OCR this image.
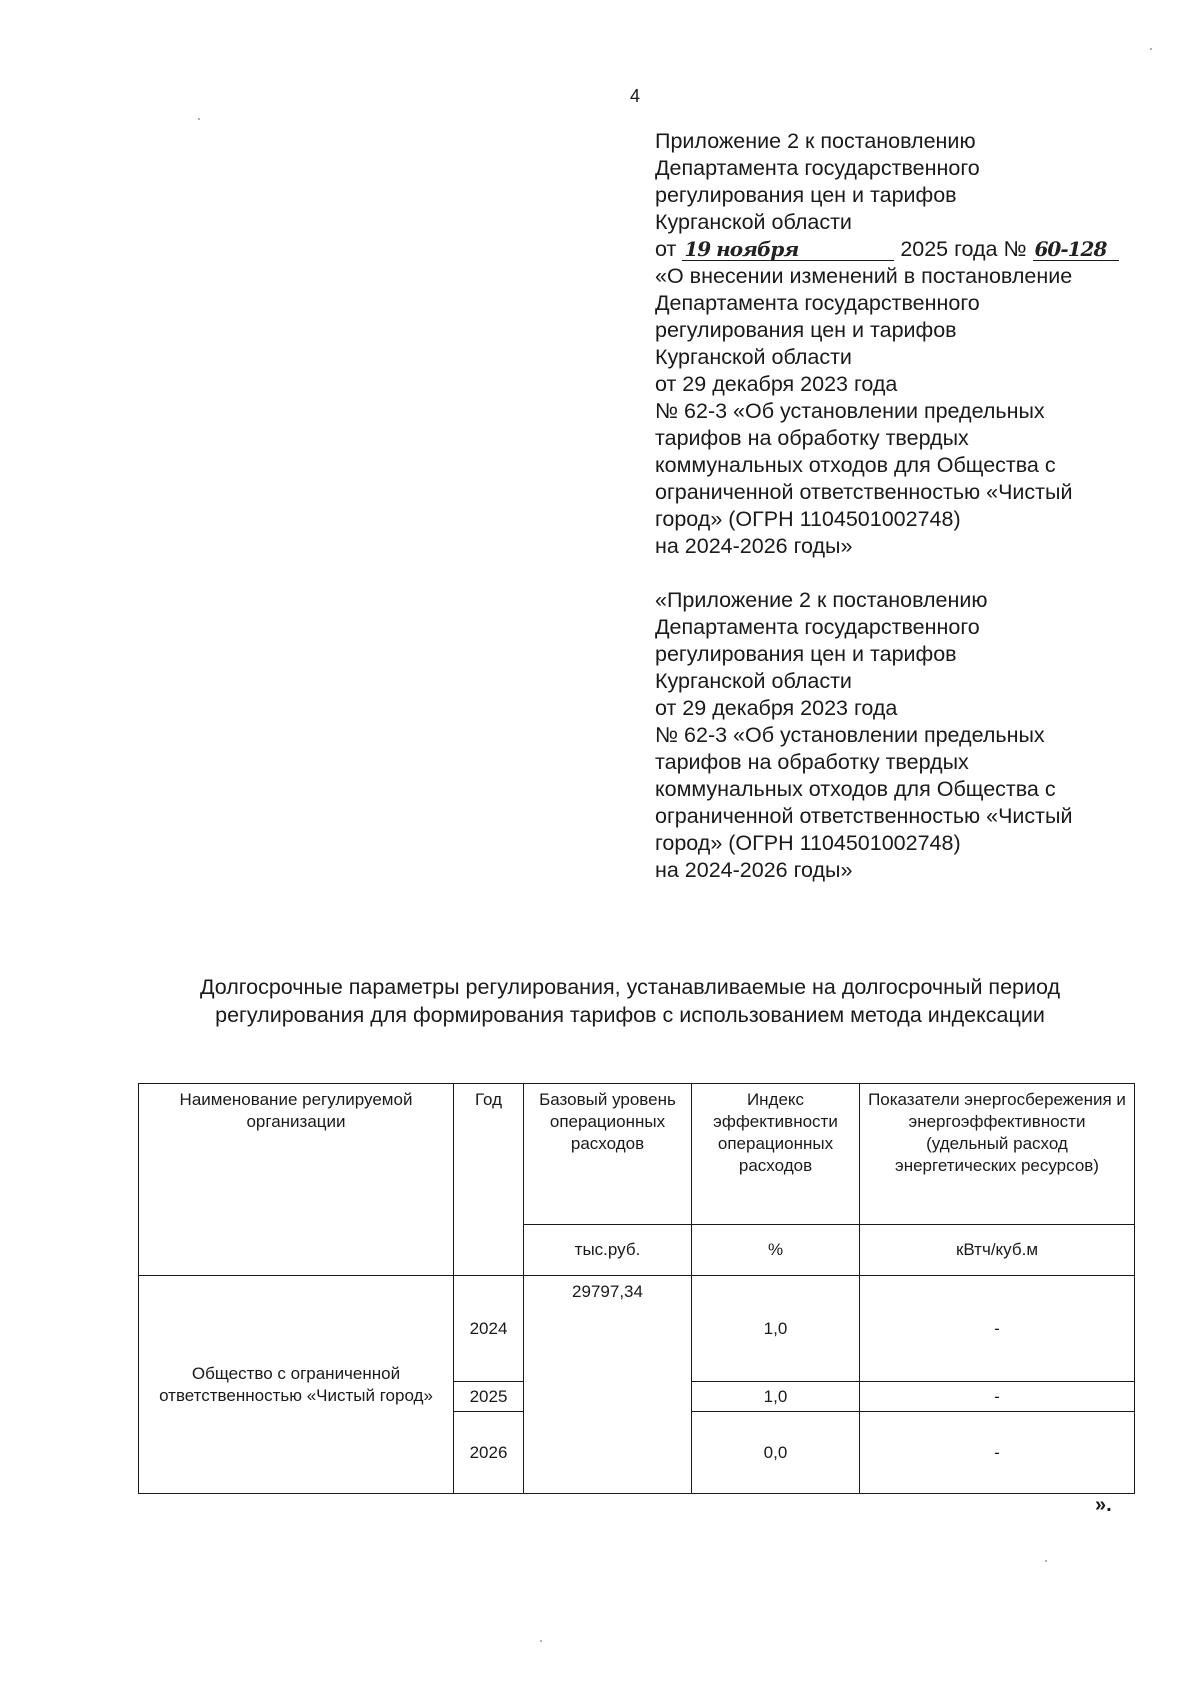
4
Приложение 2 к постановлению
Департамента государственного
регулирования цен и тарифов
Курганской области
от 19 ноября	2025 года № 60-128
«О внесении изменений в постановление
Департамента государственного
регулирования цен и тарифов
Курганской области
от 29 декабря 2023 года
№ 62-3 «Об установлении предельных
тарифов на обработку твердых
коммунальных отходов для Общества с
ограниченной ответственностью «Чистый
город» (ОГРН 1104501002748)
на 2024-2026 годы»
«Приложение 2 к постановлению
Департамента государственного
регулирования цен и тарифов
Курганской области
от 29 декабря 2023 года
№ 62-3 «Об установлении предельных
тарифов на обработку твердых
коммунальных отходов для Общества с
ограниченной ответственностью «Чистый
город» (ОГРН 1104501002748)
на 2024-2026 годы»
Долгосрочные параметры регулирования, устанавливаемые на долгосрочный период
регулирования для формирования тарифов с использованием метода индексации
Наименование регулируемой организации	Год	Базовый уровень операционных расходов	Индекс эффективности операционных расходов	Показатели энергосбережения и энергоэффективности (удельный расход энергетических ресурсов)
		тыс.руб.	%	кВтч/куб.м
Общество с ограниченной ответственностью «Чистый город»	2024	29797,34	1,0	-
	2025		1,0	-
	2026		0,0	-
».
